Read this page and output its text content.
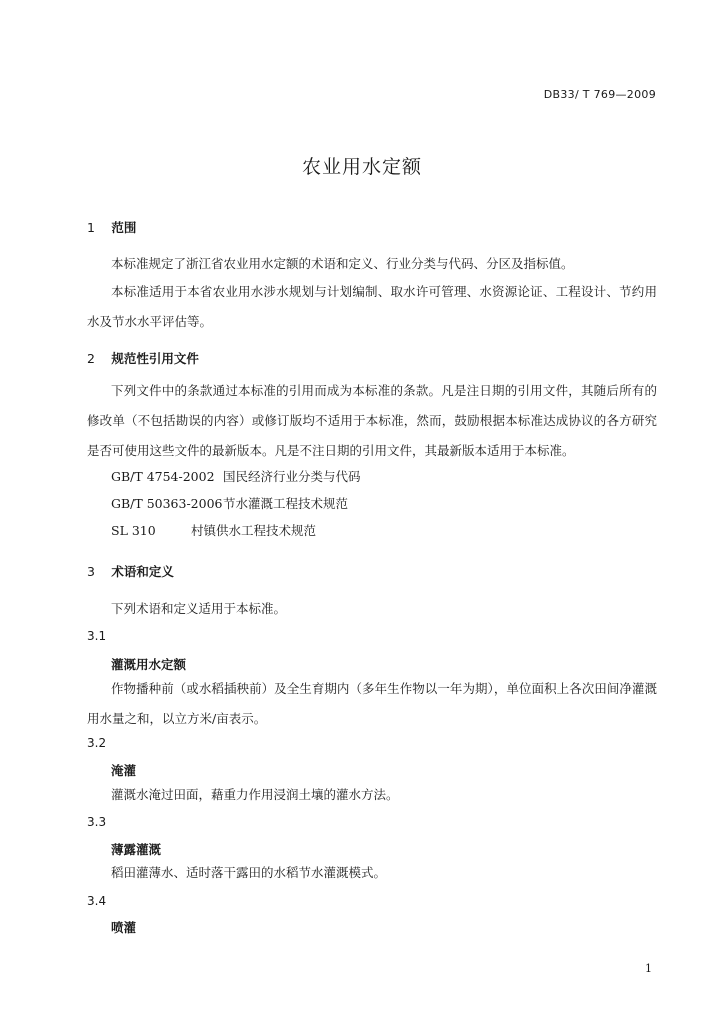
DB33/ T 769—2009
农业用水定额
1 范围
本标准规定了浙江省农业用水定额的术语和定义、行业分类与代码、分区及指标值。
本标准适用于本省农业用水涉水规划与计划编制、取水许可管理、水资源论证、工程设计、节约用水及节水水平评估等。
2 规范性引用文件
下列文件中的条款通过本标准的引用而成为本标准的条款。凡是注日期的引用文件，其随后所有的修改单（不包括勘误的内容）或修订版均不适用于本标准，然而，鼓励根据本标准达成协议的各方研究是否可使用这些文件的最新版本。凡是不注日期的引用文件，其最新版本适用于本标准。
GB/T 4754-2002 国民经济行业分类与代码
GB/T 50363-2006 节水灌溉工程技术规范
SL 310	村镇供水工程技术规范
3 术语和定义
下列术语和定义适用于本标准。
3.1
灌溉用水定额
作物播种前（或水稻插秧前）及全生育期内（多年生作物以一年为期），单位面积上各次田间净灌溉用水量之和，以立方米/亩表示。
3.2
淹灌
灌溉水淹过田面，藉重力作用浸润土壤的灌水方法。
3.3
薄露灌溉
稻田灌薄水、适时落干露田的水稻节水灌溉模式。
3.4
喷灌
1
